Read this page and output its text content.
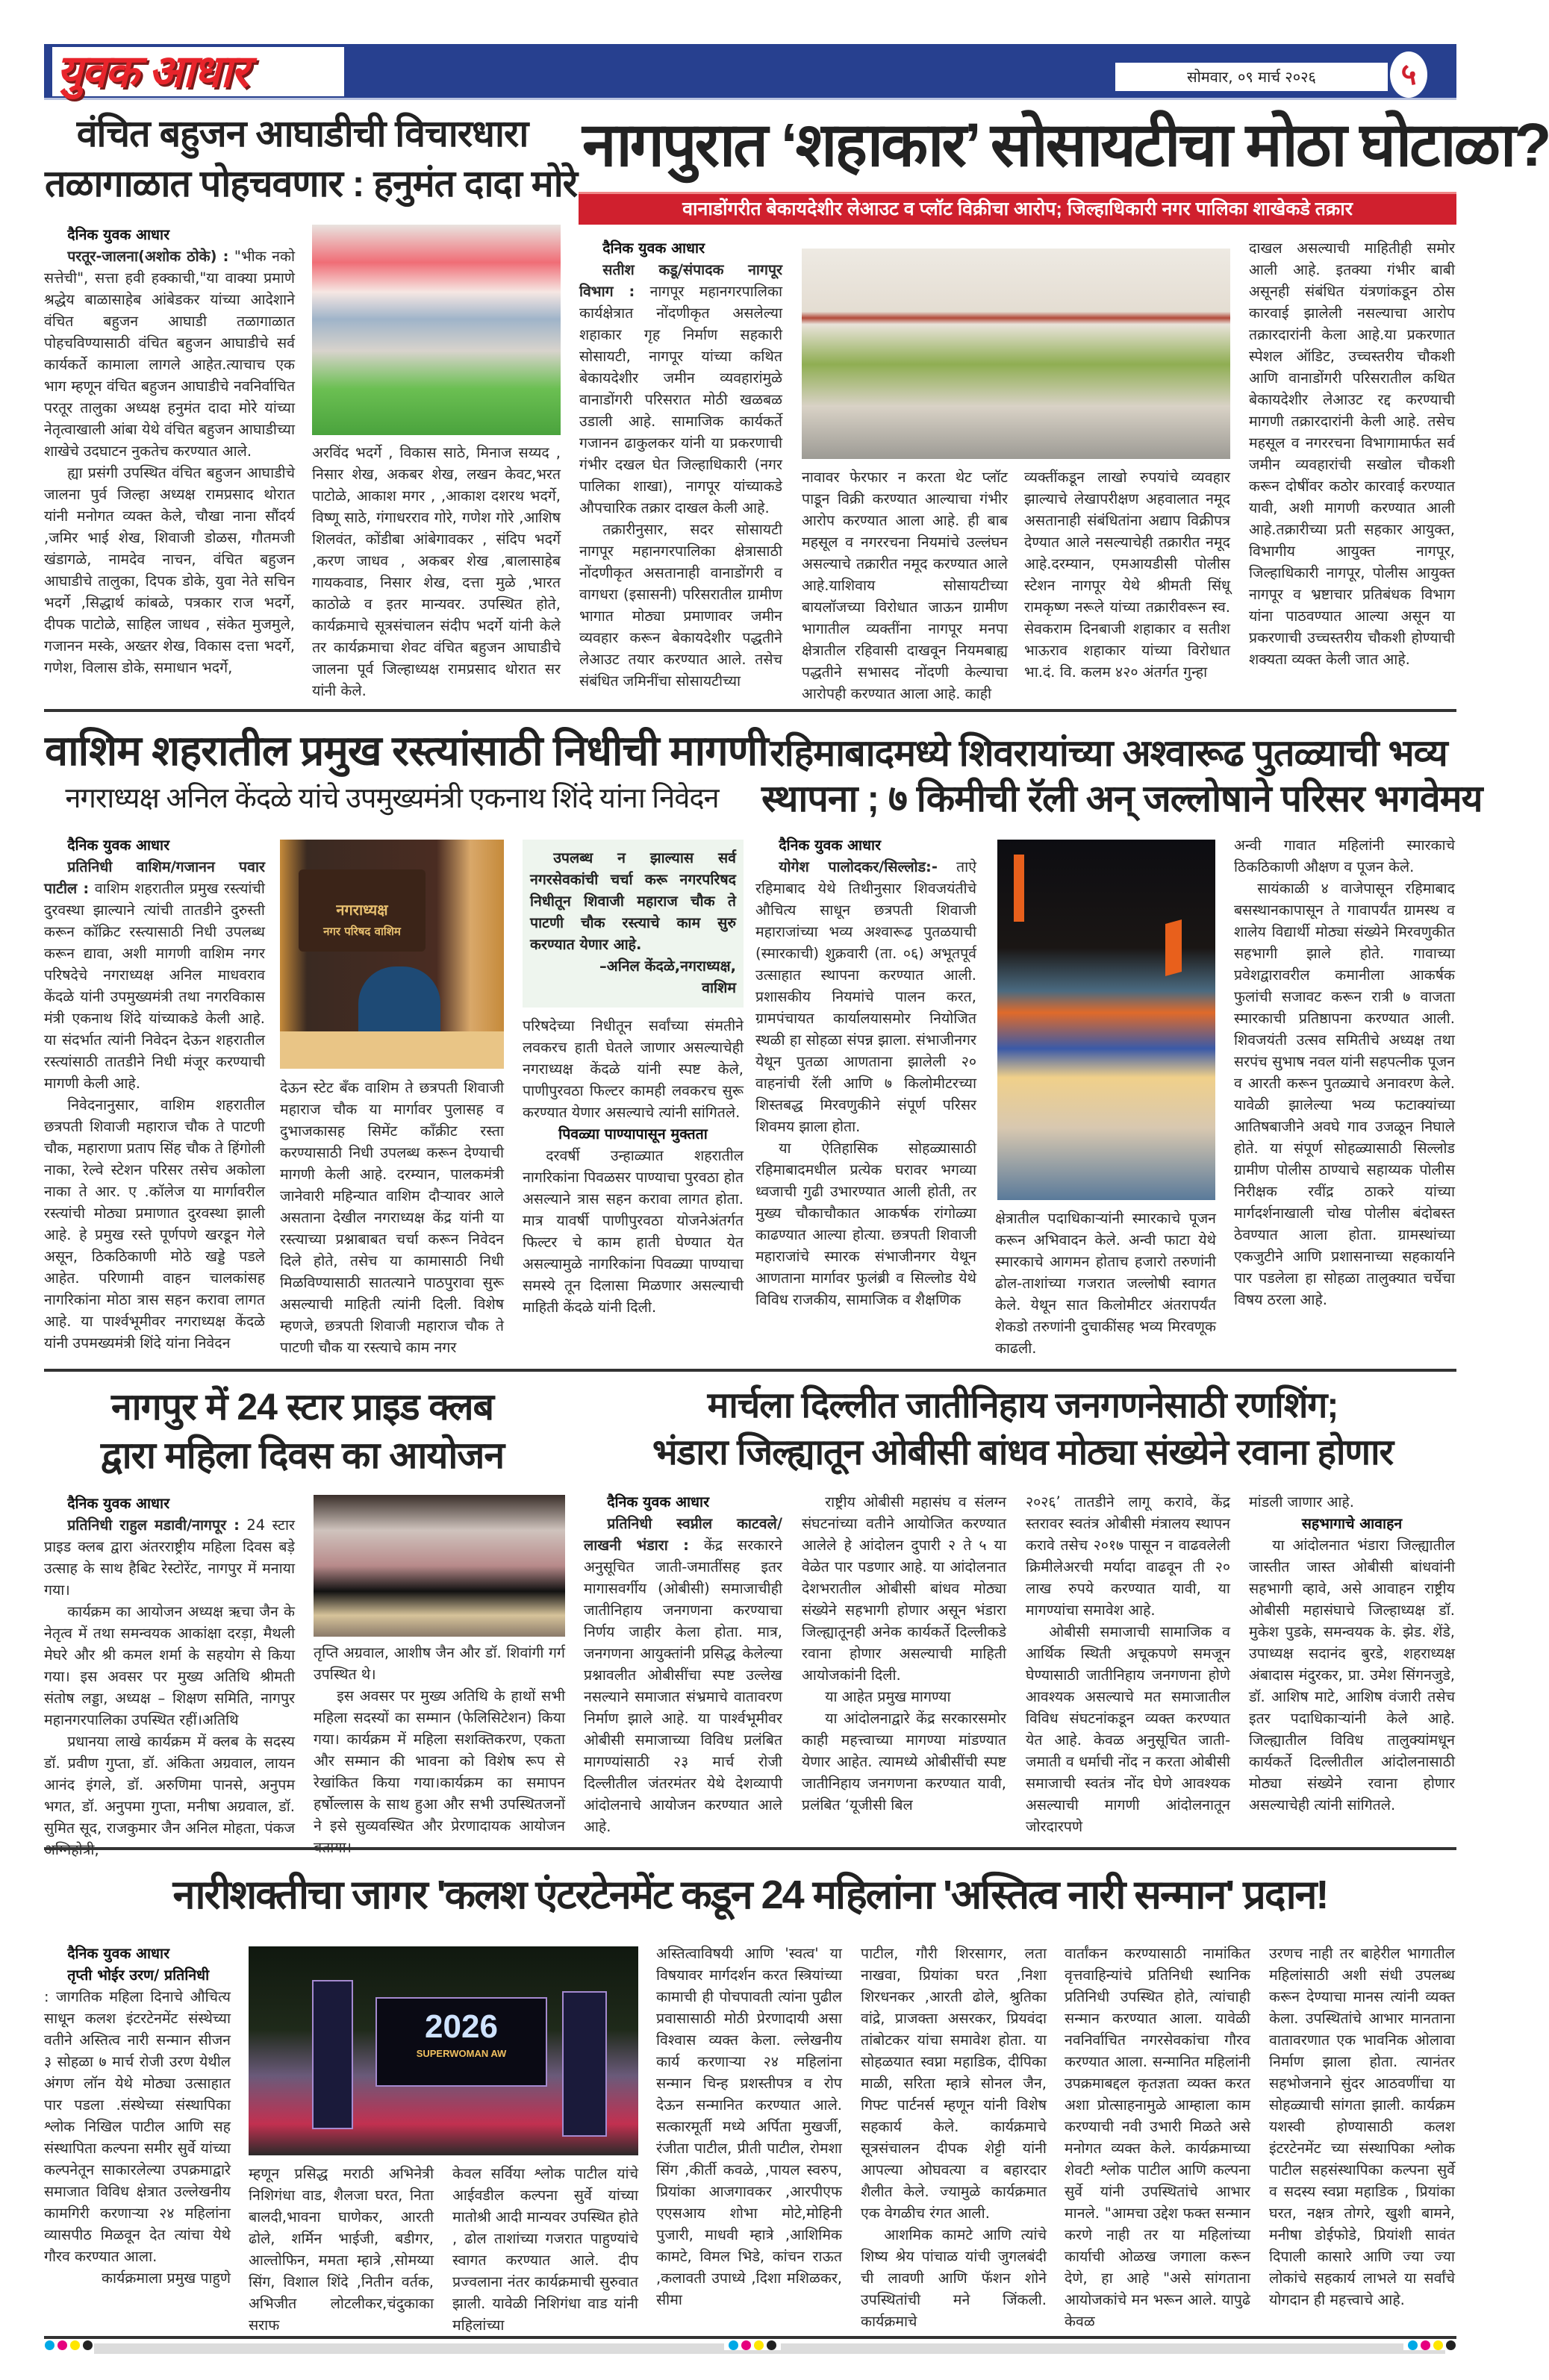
युवक आधार	सोमवार, ०९ मार्च २०२६	५
वंचित बहुजन आघाडीची विचारधारा
तळागाळात पोहचवणार : हनुमंत दादा मोरे

दैनिक युवक आधार

परतूर-जालना(अशोक ठोके) : "भीक नको सत्तेची", सत्ता हवी हक्काची,"या वाक्या प्रमाणे श्रद्धेय बाळासाहेब आंबेडकर यांच्या आदेशाने वंचित बहुजन आघाडी तळागाळात पोहचविण्यासाठी वंचित बहुजन आघाडीचे सर्व कार्यकर्ते कामाला लागले आहेत.त्याचाच एक भाग म्हणून वंचित बहुजन आघाडीचे नवनिर्वाचित परतूर तालुका अध्यक्ष हनुमंत दादा मोरे यांच्या नेतृत्वाखाली आंबा येथे वंचित बहुजन आघाडीच्या शाखेचे उदघाटन नुकतेच करण्यात आले.

ह्या प्रसंगी उपस्थित वंचित बहुजन आघाडीचे जालना पुर्व जिल्हा अध्यक्ष रामप्रसाद थोरात यांनी मनोगत व्यक्त केले, चौखा नाना सौंदर्य ,जमिर भाई शेख, शिवाजी डोळस, गौतमजी खंडागळे, नामदेव नाचन, वंचित बहुजन आघाडीचे तालुका, दिपक डोके, युवा नेते सचिन भदर्गे ,सिद्धार्थ कांबळे, पत्रकार राज भदर्गे, दीपक पाटोळे, साहिल जाधव , संकेत मुजमुले, गजानन मस्के, अख्तर शेख, विकास दत्ता भदर्गे, गणेश, विलास डोके, समाधान भदर्गे,

अरविंद भदर्गे , विकास साठे, मिनाज सय्यद , निसार शेख, अकबर शेख, लखन केवट,भरत पाटोळे, आकाश मगर , ,आकाश दशरथ भदर्गे, विष्णू साठे, गंगाधरराव गोरे, गणेश गोरे ,आशिष शिलवंत, कोंडीबा आंबेगावकर , संदिप भदर्गे ,करण जाधव , अकबर शेख ,बालासाहेब गायकवाड, निसार शेख, दत्ता मुळे ,भारत काठोळे व इतर मान्यवर. उपस्थित होते, कार्यक्रमाचे सूत्रसंचालन संदीप भदर्गे यांनी केले तर कार्यक्रमाचा शेवट वंचित बहुजन आघाडीचे जालना पूर्व जिल्हाध्यक्ष रामप्रसाद थोरात सर यांनी केले.

नागपुरात ‘शहाकार’ सोसायटीचा मोठा घोटाळा?
वानाडोंगरीत बेकायदेशीर लेआउट व प्लॉट विक्रीचा आरोप; जिल्हाधिकारी नगर पालिका शाखेकडे तक्रार

दैनिक युवक आधार

सतीश कडू/संपादक नागपूर विभाग : नागपूर महानगरपालिका कार्यक्षेत्रात नोंदणीकृत असलेल्या शहाकार गृह निर्माण सहकारी सोसायटी, नागपूर यांच्या कथित बेकायदेशीर जमीन व्यवहारांमुळे वानाडोंगरी परिसरात मोठी खळबळ उडाली आहे. सामाजिक कार्यकर्ते गजानन ढाकुलकर यांनी या प्रकरणाची गंभीर दखल घेत जिल्हाधिकारी (नगर पालिका शाखा), नागपूर यांच्याकडे औपचारिक तक्रार दाखल केली आहे.

तक्रारीनुसार, सदर सोसायटी नागपूर महानगरपालिका क्षेत्रासाठी नोंदणीकृत असतानाही वानाडोंगरी व वागधरा (इसासनी) परिसरातील ग्रामीण भागात मोठ्या प्रमाणावर जमीन व्यवहार करून बेकायदेशीर पद्धतीने लेआउट तयार करण्यात आले. तसेच संबंधित जमिनींचा सोसायटीच्या

नावावर फेरफार न करता थेट प्लॉट पाडून विक्री करण्यात आल्याचा गंभीर आरोप करण्यात आला आहे. ही बाब महसूल व नगररचना नियमांचे उल्लंघन असल्याचे तक्रारीत नमूद करण्यात आले आहे.याशिवाय सोसायटीच्या बायलॉजच्या विरोधात जाऊन ग्रामीण भागातील व्यक्तींना नागपूर मनपा क्षेत्रातील रहिवासी दाखवून नियमबाह्य पद्धतीने सभासद नोंदणी केल्याचा आरोपही करण्यात आला आहे. काही

व्यक्तींकडून लाखो रुपयांचे व्यवहार झाल्याचे लेखापरीक्षण अहवालात नमूद असतानाही संबंधितांना अद्याप विक्रीपत्र देण्यात आले नसल्याचेही तक्रारीत नमूद आहे.दरम्यान, एमआयडीसी पोलीस स्टेशन नागपूर येथे श्रीमती सिंधू रामकृष्ण नरूले यांच्या तक्रारीवरून स्व. सेवकराम दिनबाजी शहाकार व सतीश भाऊराव शहाकार यांच्या विरोधात भा.दं. वि. कलम ४२० अंतर्गत गुन्हा

दाखल असल्याची माहितीही समोर आली आहे. इतक्या गंभीर बाबी असूनही संबंधित यंत्रणांकडून ठोस कारवाई झालेली नसल्याचा आरोप तक्रारदारांनी केला आहे.या प्रकरणात स्पेशल ऑडिट, उच्चस्तरीय चौकशी आणि वानाडोंगरी परिसरातील कथित बेकायदेशीर लेआउट रद्द करण्याची मागणी तक्रारदारांनी केली आहे. तसेच महसूल व नगररचना विभागामार्फत सर्व जमीन व्यवहारांची सखोल चौकशी करून दोषींवर कठोर कारवाई करण्यात यावी, अशी मागणी करण्यात आली आहे.तक्रारीच्या प्रती सहकार आयुक्त, विभागीय आयुक्त नागपूर, जिल्हाधिकारी नागपूर, पोलीस आयुक्त नागपूर व भ्रष्टाचार प्रतिबंधक विभाग यांना पाठवण्यात आल्या असून या प्रकरणाची उच्चस्तरीय चौकशी होण्याची शक्यता व्यक्त केली जात आहे.

वाशिम शहरातील प्रमुख रस्त्यांसाठी निधीची मागणी
नगराध्यक्ष अनिल केंदळे यांचे उपमुख्यमंत्री एकनाथ शिंदे यांना निवेदन

दैनिक युवक आधार

प्रतिनिधी वाशिम/गजानन पवार पाटील : वाशिम शहरातील प्रमुख रस्त्यांची दुरवस्था झाल्याने त्यांची तातडीने दुरुस्ती करून कॉक्रिट रस्त्यासाठी निधी उपलब्ध करून द्यावा, अशी मागणी वाशिम नगर परिषदेचे नगराध्यक्ष अनिल माधवराव केंदळे यांनी उपमुख्यमंत्री तथा नगरविकास मंत्री एकनाथ शिंदे यांच्याकडे केली आहे. या संदर्भात त्यांनी निवेदन देऊन शहरातील रस्त्यांसाठी तातडीने निधी मंजूर करण्याची मागणी केली आहे.

निवेदनानुसार, वाशिम शहरातील छत्रपती शिवाजी महाराज चौक ते पाटणी चौक, महाराणा प्रताप सिंह चौक ते हिंगोली नाका, रेल्वे स्टेशन परिसर तसेच अकोला नाका ते आर. ए .कॉलेज या मार्गावरील रस्त्यांची मोठ्या प्रमाणात दुरवस्था झाली आहे. हे प्रमुख रस्ते पूर्णपणे खरडून गेले असून, ठिकठिकाणी मोठे खड्डे पडले आहेत. परिणामी वाहन चालकांसह नागरिकांना मोठा त्रास सहन करावा लागत आहे. या पार्श्वभूमीवर नगराध्यक्ष केंदळे यांनी उपमख्यमंत्री शिंदे यांना निवेदन

नगराध्यक्ष
नगर परिषद वाशिम

देऊन स्टेट बँक वाशिम ते छत्रपती शिवाजी महाराज चौक या मार्गावर पुलासह व दुभाजकासह सिमेंट कॉंक्रीट रस्ता करण्यासाठी निधी उपलब्ध करून देण्याची मागणी केली आहे. दरम्यान, पालकमंत्री जानेवारी महिन्यात वाशिम दौऱ्यावर आले असताना देखील नगराध्यक्ष केंद्र यांनी या रस्त्याच्या प्रश्नाबाबत चर्चा करून निवेदन दिले होते, तसेच या कामासाठी निधी मिळविण्यासाठी सातत्याने पाठपुरावा सुरू असल्याची माहिती त्यांनी दिली. विशेष म्हणजे, छत्रपती शिवाजी महाराज चौक ते पाटणी चौक या रस्त्याचे काम नगर

उपलब्ध न झाल्यास सर्व नगरसेवकांची चर्चा करू नगरपरिषद निधीतून शिवाजी महाराज चौक ते पाटणी चौक रस्त्याचे काम सुरु करण्यात येणार आहे.

–अनिल केंदळे,नगराध्यक्ष,

वाशिम

परिषदेच्या निधीतून सर्वांच्या संमतीने लवकरच हाती घेतले जाणार असल्याचेही नगराध्यक्ष केंदळे यांनी स्पष्ट केले, पाणीपुरवठा फिल्टर कामही लवकरच सुरू करण्यात येणार असल्याचे त्यांनी सांगितले.

पिवळ्या पाण्यापासून मुक्तता

दरवर्षी उन्हाळ्यात शहरातील नागरिकांना पिवळसर पाण्याचा पुरवठा होत असल्याने त्रास सहन करावा लागत होता. मात्र यावर्षी पाणीपुरवठा योजनेअंतर्गत फिल्टर चे काम हाती घेण्यात येत असल्यामुळे नागरिकांना पिवळ्या पाण्याचा समस्ये तून दिलासा मिळणार असल्याची माहिती केंदळे यांनी दिली.

रहिमाबादमध्ये शिवरायांच्या अश्वारूढ पुतळ्याची भव्य
स्थापना ; ७ किमीची रॅली अन् जल्लोषाने परिसर भगवेमय

दैनिक युवक आधार

योगेश पालोदकर/सिल्लोड:- ताऐ रहिमाबाद येथे तिथीनुसार शिवजयंतीचे औचित्य साधून छत्रपती शिवाजी महाराजांच्या भव्य अश्वारूढ पुतळयाची (स्मारकाची) शुक्रवारी (ता. ०६) अभूतपूर्व उत्साहात स्थापना करण्यात आली. प्रशासकीय नियमांचे पालन करत, ग्रामपंचायत कार्यालयासमोर नियोजित स्थळी हा सोहळा संपन्न झाला. संभाजीनगर येथून पुतळा आणताना झालेली २० वाहनांची रॅली आणि ७ किलोमीटरच्या शिस्तबद्ध मिरवणुकीने संपूर्ण परिसर शिवमय झाला होता.

या ऐतिहासिक सोहळ्यासाठी रहिमाबादमधील प्रत्येक घरावर भगव्या ध्वजाची गुढी उभारण्यात आली होती, तर मुख्य चौकाचौकात आकर्षक रांगोळ्या काढण्यात आल्या होत्या. छत्रपती शिवाजी महाराजांचे स्मारक संभाजीनगर येथून आणताना मार्गावर फुलंब्री व सिल्लोड येथे विविध राजकीय, सामाजिक व शैक्षणिक

क्षेत्रातील पदाधिकाऱ्यांनी स्मारकाचे पूजन करून अभिवादन केले. अन्वी फाटा येथे स्मारकाचे आगमन होताच हजारो तरुणांनी ढोल-ताशांच्या गजरात जल्लोषी स्वागत केले. येथून सात किलोमीटर अंतरापर्यंत शेकडो तरुणांनी दुचाकींसह भव्य मिरवणूक काढली.

अन्वी गावात महिलांनी स्मारकाचे ठिकठिकाणी औक्षण व पूजन केले.

सायंकाळी ४ वाजेपासून रहिमाबाद बसस्थानकापासून ते गावापर्यंत ग्रामस्थ व शालेय विद्यार्थी मोठ्या संख्येने मिरवणुकीत सहभागी झाले होते. गावाच्या प्रवेशद्वारावरील कमानीला आकर्षक फुलांची सजावट करून रात्री ७ वाजता स्मारकाची प्रतिष्ठापना करण्यात आली. शिवजयंती उत्सव समितीचे अध्यक्ष तथा सरपंच सुभाष नवल यांनी सहपत्नीक पूजन व आरती करून पुतळ्याचे अनावरण केले. यावेळी झालेल्या भव्य फटाक्यांच्या आतिषबाजीने अवघे गाव उजळून निघाले होते. या संपूर्ण सोहळ्यासाठी सिल्लोड ग्रामीण पोलीस ठाण्याचे सहाय्यक पोलीस निरीक्षक रवींद्र ठाकरे यांच्या मार्गदर्शनाखाली चोख पोलीस बंदोबस्त ठेवण्यात आला होता. ग्रामस्थांच्या एकजुटीने आणि प्रशासनाच्या सहकार्याने पार पडलेला हा सोहळा तालुक्यात चर्चेचा विषय ठरला आहे.

नागपुर में 24 स्टार प्राइड क्लब
द्वारा महिला दिवस का आयोजन

दैनिक युवक आधार

प्रतिनिधी राहुल मडावी/नागपूर : 24 स्टार प्राइड क्लब द्वारा अंतरराष्ट्रीय महिला दिवस बड़े उत्साह के साथ हैबिट रेस्टोरेंट, नागपुर में मनाया गया।

कार्यक्रम का आयोजन अध्यक्ष ऋचा जैन के नेतृत्व में तथा समन्वयक आकांक्षा दरड़ा, मैथली मेघरे और श्री कमल शर्मा के सहयोग से किया गया। इस अवसर पर मुख्य अतिथि श्रीमती संतोष लड्डा, अध्यक्ष – शिक्षण समिति, नागपुर महानगरपालिका उपस्थित रहीं।अतिथि

प्रधानया लाखे कार्यक्रम में क्लब के सदस्य डॉ. प्रवीण गुप्ता, डॉ. अंकिता अग्रवाल, लायन आनंद इंगले, डॉ. अरुणिमा पानसे, अनुपम भगत, डॉ. अनुपमा गुप्ता, मनीषा अग्रवाल, डॉ. सुमित सूद, राजकुमार जैन अनिल मोहता, पंकज

तृप्ति अग्रवाल, आशीष जैन और डॉ. शिवांगी गर्ग उपस्थित थे।

इस अवसर पर मुख्य अतिथि के हाथों सभी महिला सदस्यों का सम्मान (फेलिसिटेशन) किया गया। कार्यक्रम में महिला सशक्तिकरण, एकता और सम्मान की भावना को विशेष रूप से रेखांकित किया गया।कार्यक्रम का समापन हर्षोल्लास के साथ हुआ और सभी उपस्थितजनों ने इसे सुव्यवस्थित और प्रेरणादायक आयोजन

मार्चला दिल्लीत जातीनिहाय जनगणनेसाठी रणशिंग;
भंडारा जिल्ह्यातून ओबीसी बांधव मोठ्या संख्येने रवाना होणार

दैनिक युवक आधार

प्रतिनिधी स्वप्नील काटवले/ लाखनी भंडारा : केंद्र सरकारने अनुसूचित जाती-जमातींसह इतर मागासवर्गीय (ओबीसी) समाजाचीही जातीनिहाय जनगणना करण्याचा निर्णय जाहीर केला होता. मात्र, जनगणना आयुक्तांनी प्रसिद्ध केलेल्या प्रश्नावलीत ओबीसींचा स्पष्ट उल्लेख नसल्याने समाजात संभ्रमाचे वातावरण निर्माण झाले आहे. या पार्श्वभूमीवर ओबीसी समाजाच्या विविध प्रलंबित मागण्यांसाठी २३ मार्च रोजी दिल्लीतील जंतरमंतर येथे देशव्यापी आंदोलनाचे आयोजन करण्यात आले आहे.

राष्ट्रीय ओबीसी महासंघ व संलग्न संघटनांच्या वतीने आयोजित करण्यात आलेले हे आंदोलन दुपारी २ ते ५ या वेळेत पार पडणार आहे. या आंदोलनात देशभरातील ओबीसी बांधव मोठ्या संख्येने सहभागी होणार असून भंडारा जिल्ह्यातूनही अनेक कार्यकर्ते दिल्लीकडे रवाना होणार असल्याची माहिती आयोजकांनी दिली.

या आहेत प्रमुख मागण्या

या आंदोलनाद्वारे केंद्र सरकारसमोर काही महत्त्वाच्या मागण्या मांडण्यात येणार आहेत. त्यामध्ये ओबीसींची स्पष्ट जातीनिहाय जनगणना करण्यात यावी, प्रलंबित ‘यूजीसी बिल

२०२६’ तातडीने लागू करावे, केंद्र स्तरावर स्वतंत्र ओबीसी मंत्रालय स्थापन करावे तसेच २०१७ पासून न वाढवलेली क्रिमीलेअरची मर्यादा वाढवून ती २० लाख रुपये करण्यात यावी, या मागण्यांचा समावेश आहे.

ओबीसी समाजाची सामाजिक व आर्थिक स्थिती अचूकपणे समजून घेण्यासाठी जातीनिहाय जनगणना होणे आवश्यक असल्याचे मत समाजातील विविध संघटनांकडून व्यक्त करण्यात येत आहे. केवळ अनुसूचित जाती-जमाती व धर्माची नोंद न करता ओबीसी समाजाची स्वतंत्र नोंद घेणे आवश्यक असल्याची मागणी आंदोलनातून जोरदारपणे

मांडली जाणार आहे.

सहभागाचे आवाहन

या आंदोलनात भंडारा जिल्ह्यातील जास्तीत जास्त ओबीसी बांधवांनी सहभागी व्हावे, असे आवाहन राष्ट्रीय ओबीसी महासंघाचे जिल्हाध्यक्ष डॉ. मुकेश पुडके, समन्वयक के. झेड. शेंडे, उपाध्यक्ष सदानंद बुरडे, शहराध्यक्ष अंबादास मंदुरकर, प्रा. उमेश सिंगनजुडे, डॉ. आशिष माटे, आशिष वंजारी तसेच इतर पदाधिकाऱ्यांनी केले आहे. जिल्ह्यातील विविध तालुक्यांमधून कार्यकर्ते दिल्लीतील आंदोलनासाठी मोठ्या संख्येने रवाना होणार असल्याचेही त्यांनी सांगितले.

नारीशक्तीचा जागर 'कलश एंटरटेनमेंट कडून 24 महिलांना 'अस्तित्व नारी सन्मान' प्रदान!

दैनिक युवक आधार

तृप्ती भोईर उरण/ प्रतिनिधी

: जागतिक महिला दिनाचे औचित्य साधून कलश इंटरटेनमेंट संस्थेच्या वतीने अस्तित्व नारी सन्मान सीजन ३ सोहळा ७ मार्च रोजी उरण येथील अंगण लॉन येथे मोठ्या उत्साहात पार पडला .संस्थेच्या संस्थापिका श्लोक निखिल पाटील आणि सह संस्थापिता कल्पना समीर सुर्वे यांच्या कल्पनेतून साकारलेल्या उपक्रमाद्वारे समाजात विविध क्षेत्रात उल्लेखनीय कामगिरी करणाऱ्या २४ महिलांना व्यासपीठ मिळवून देत त्यांचा येथे गौरव करण्यात आला.

कार्यक्रमाला प्रमुख पाहुणे

2026
SUPERWOMAN AW

म्हणून प्रसिद्ध मराठी अभिनेत्री निशिगंधा वाड, शैलजा घरत, निता बालदी,भावना घाणेकर, आरती ढोले, शर्मिन भाईजी, बडीगर, आल्तोफिन, ममता म्हात्रे ,सोमय्या सिंग, विशाल शिंदे ,नितीन वर्तक, अभिजीत लोटलीकर,चंदुकाका सराफ

केवल सर्विया श्लोक पाटील यांचे आईवडील कल्पना सुर्वे यांच्या मातोश्री आदी मान्यवर उपस्थित होते , ढोल ताशांच्या गजरात पाहुण्यांचे स्वागत करण्यात आले. दीप प्रज्वलाना नंतर कार्यक्रमाची सुरुवात झाली. यावेळी निशिगंधा वाड यांनी महिलांच्या

अस्तित्वाविषयी आणि 'स्वत्व' या विषयावर मार्गदर्शन करत स्त्रियांच्या कामाची ही पोचपावती त्यांना पुढील प्रवासासाठी मोठी प्रेरणादायी असा विश्वास व्यक्त केला. ल्लेखनीय कार्य करणाऱ्या २४ महिलांना सन्मान चिन्ह प्रशस्तीपत्र व रोप देऊन सन्मानित करण्यात आले. सत्कारमूर्ती मध्ये अर्पिता मुखर्जी, रंजीता पाटील, प्रीती पाटील, रोमशा सिंग ,कीर्ती कवळे, ,पायल स्वरुप, प्रियांका आजगावकर ,आरपीएफ एएसआय शोभा मोटे,मोहिनी पुजारी, माधवी म्हात्रे ,आशिमिक कामटे, विमल भिडे, कांचन राऊत ,कलावती उपाध्ये ,दिशा मशिळकर, सीमा

पाटील, गौरी शिरसागर, लता नाखवा, प्रियांका घरत ,निशा शिरधनकर ,आरती ढोले, श्रुतिका वांद्रे, प्राजक्ता असरकर, प्रियवंदा तांबोटकर यांचा समावेश होता. या सोहळयात स्वप्ना महाडिक, दीपिका माळी, सरिता म्हात्रे सोनल जैन, गिफ्ट पार्टनर्स म्हणून यांनी विशेष सहकार्य केले. कार्यक्रमाचे सूत्रसंचालन दीपक शेट्टी यांनी आपल्या ओघवत्या व बहारदार शैलीत केले. ज्यामुळे कार्यक्रमात एक वेगळीच रंगत आली.

आशमिक कामटे आणि त्यांचे शिष्य श्रेय पांचाळ यांची जुगलबंदी ची लावणी आणि फॅशन शोने उपस्थितांची मने जिंकली. कार्यक्रमाचे

वार्तांकन करण्यासाठी नामांकित वृत्तवाहिन्यांचे प्रतिनिधी स्थानिक प्रतिनिधी उपस्थित होते, त्यांचाही सन्मान करण्यात आला. यावेळी नवनिर्वाचित नगरसेवकांचा गौरव करण्यात आला. सन्मानित महिलांनी उपक्रमाबद्दल कृतज्ञता व्यक्त करत अशा प्रोत्साहनामुळे आम्हाला काम करण्याची नवी उभारी मिळते असे मनोगत व्यक्त केले. कार्यक्रमाच्या शेवटी श्लोक पाटील आणि कल्पना सुर्वे यांनी उपस्थितांचे आभार मानले. "आमचा उद्देश फक्त सन्मान करणे नाही तर या महिलांच्या कार्याची ओळख जगाला करून देणे, हा आहे "असे सांगताना आयोजकांचे मन भरून आले. यापुढे केवळ

उरणच नाही तर बाहेरील भागातील महिलांसाठी अशी संधी उपलब्ध करून देण्याचा मानस त्यांनी व्यक्त केला. उपस्थितांचे आभार मानताना वातावरणात एक भावनिक ओलावा निर्माण झाला होता. त्यानंतर सहभोजनाने सुंदर आठवणींचा या सोहळ्याची सांगता झाली. कार्यक्रम यशस्वी होण्यासाठी कलश इंटरटेनमेंट च्या संस्थापिका श्लोक पाटील सहसंस्थापिका कल्पना सुर्वे व सदस्य स्वप्ना महाडिक , प्रियांका घरत, नक्षत्र तोगरे, खुशी बामने, मनीषा डोईफोडे, प्रियांशी सावंत दिपाली कासारे आणि ज्या ज्या लोकांचे सहकार्य लाभले या सर्वांचे योगदान ही महत्त्वाचे आहे.
